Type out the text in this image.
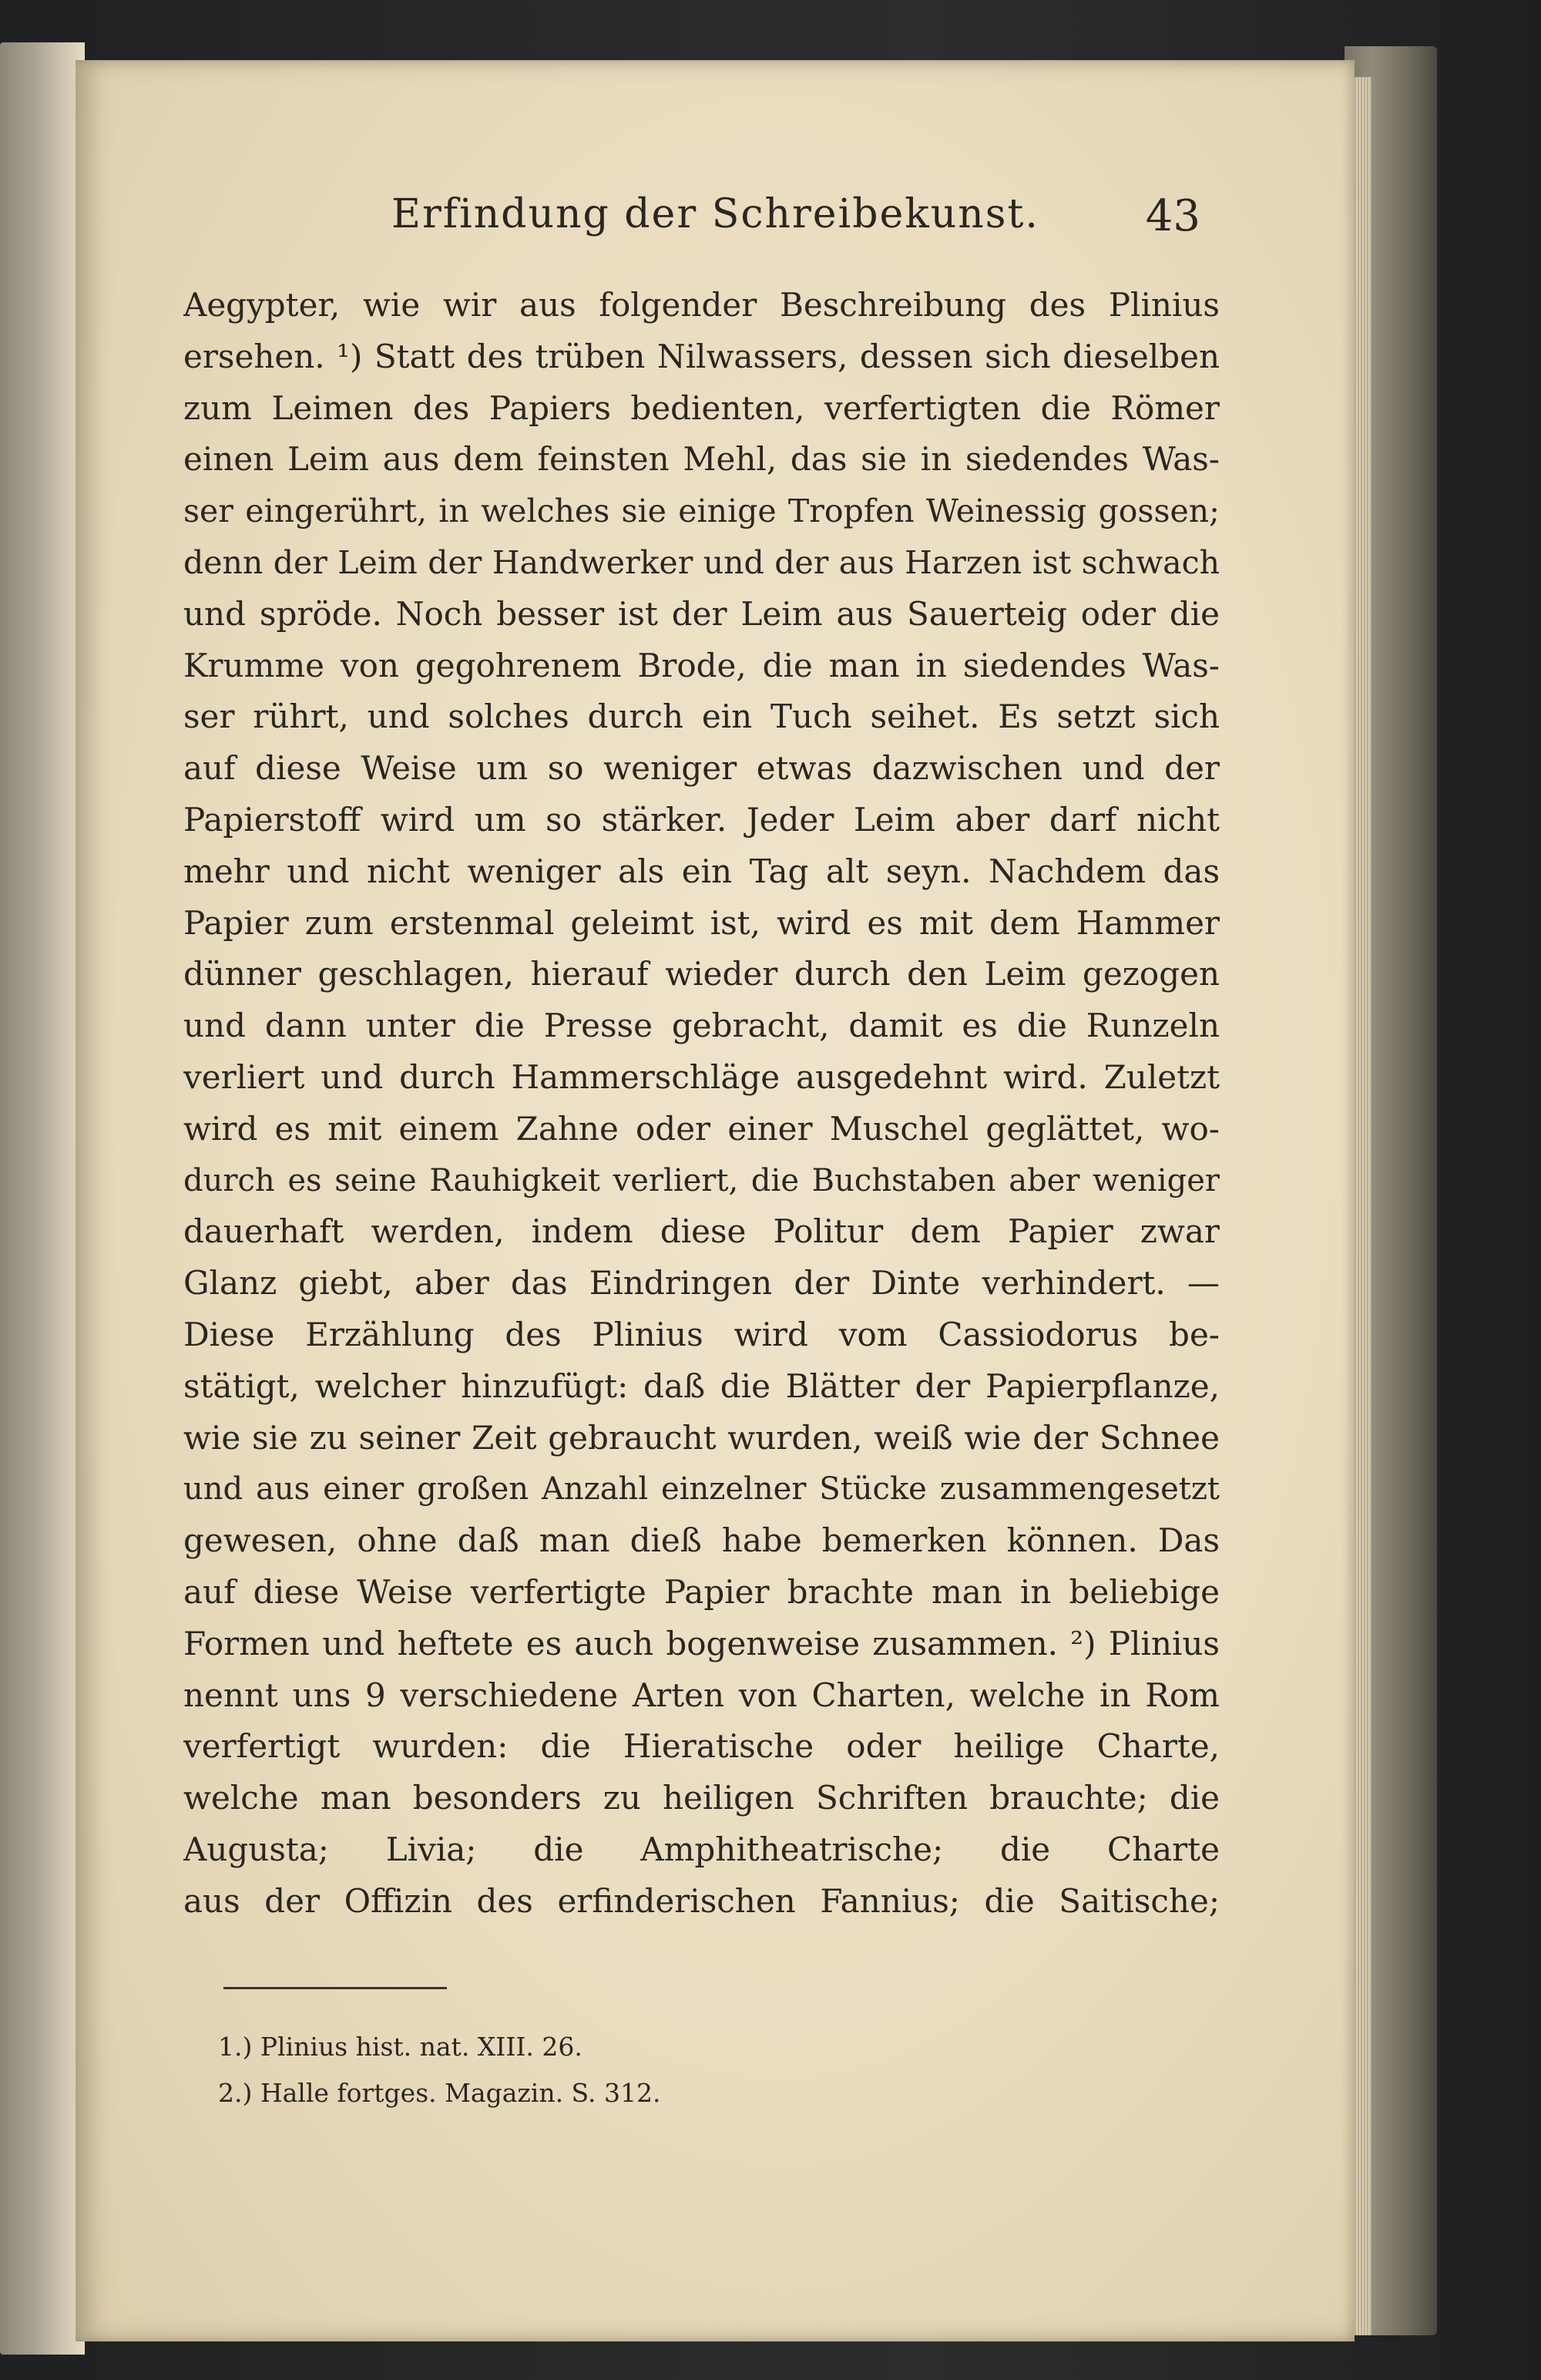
Erfindung der Schreibekunst.	43
Aegypter, wie wir aus folgender Beschreibung des Plinius
ersehen. ¹) Statt des trüben Nilwassers, dessen sich dieselben
zum Leimen des Papiers bedienten, verfertigten die Römer
einen Leim aus dem feinsten Mehl, das sie in siedendes Was-
ser eingerührt, in welches sie einige Tropfen Weinessig gossen;
denn der Leim der Handwerker und der aus Harzen ist schwach
und spröde. Noch besser ist der Leim aus Sauerteig oder die
Krumme von gegohrenem Brode, die man in siedendes Was-
ser rührt, und solches durch ein Tuch seihet. Es setzt sich
auf diese Weise um so weniger etwas dazwischen und der
Papierstoff wird um so stärker. Jeder Leim aber darf nicht
mehr und nicht weniger als ein Tag alt seyn. Nachdem das
Papier zum erstenmal geleimt ist, wird es mit dem Hammer
dünner geschlagen, hierauf wieder durch den Leim gezogen
und dann unter die Presse gebracht, damit es die Runzeln
verliert und durch Hammerschläge ausgedehnt wird. Zuletzt
wird es mit einem Zahne oder einer Muschel geglättet, wo-
durch es seine Rauhigkeit verliert, die Buchstaben aber weniger
dauerhaft werden, indem diese Politur dem Papier zwar
Glanz giebt, aber das Eindringen der Dinte verhindert. —
Diese Erzählung des Plinius wird vom Cassiodorus be-
stätigt, welcher hinzufügt: daß die Blätter der Papierpflanze,
wie sie zu seiner Zeit gebraucht wurden, weiß wie der Schnee
und aus einer großen Anzahl einzelner Stücke zusammengesetzt
gewesen, ohne daß man dieß habe bemerken können. Das
auf diese Weise verfertigte Papier brachte man in beliebige
Formen und heftete es auch bogenweise zusammen. ²) Plinius
nennt uns 9 verschiedene Arten von Charten, welche in Rom
verfertigt wurden: die Hieratische oder heilige Charte,
welche man besonders zu heiligen Schriften brauchte; die
Augusta; Livia; die Amphitheatrische; die Charte
aus der Offizin des erfinderischen Fannius; die Saitische;
1.) Plinius hist. nat. XIII. 26.
2.) Halle fortges. Magazin. S. 312.
